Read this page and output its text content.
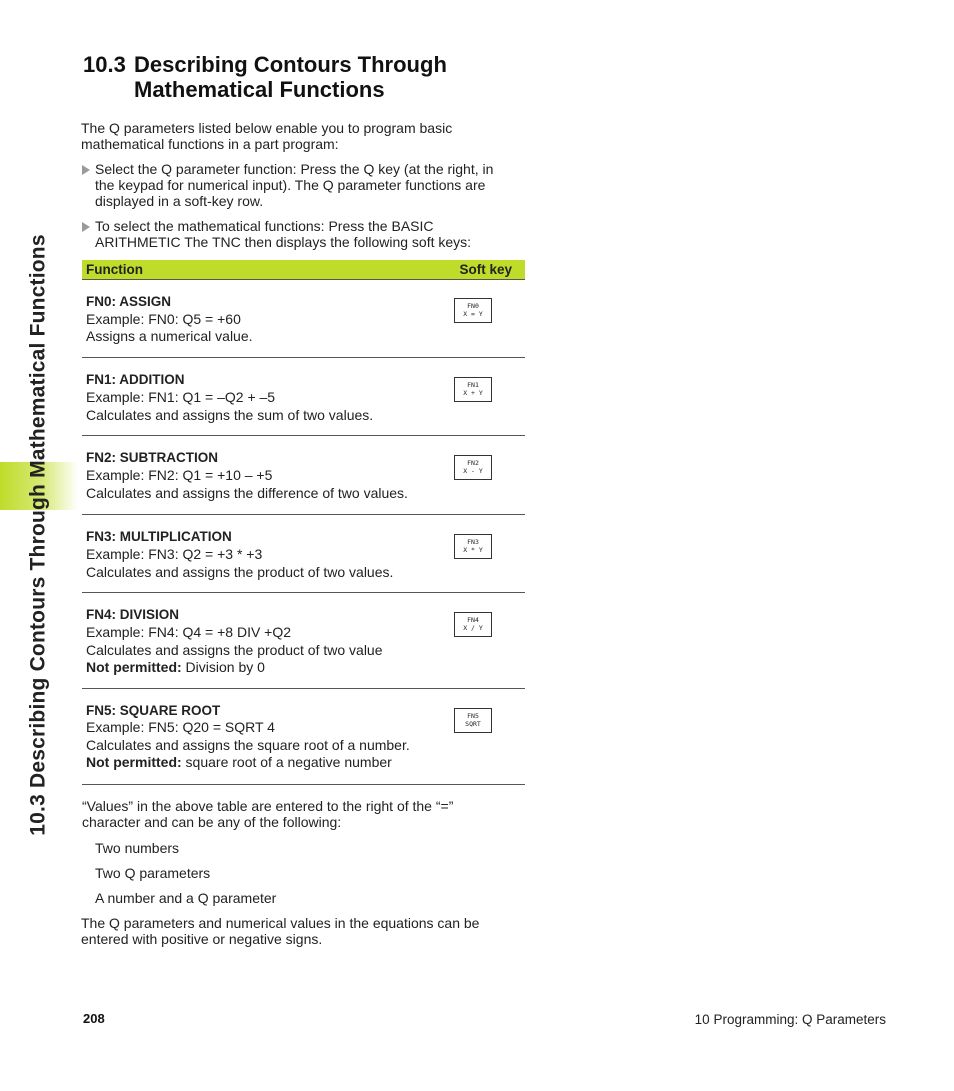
10.3 Describing Contours Through Mathematical Functions
10.3 Describing Contours Through
Mathematical Functions
The Q parameters listed below enable you to program basic
mathematical functions in a part program:
Select the Q parameter function: Press the Q key (at the right, in
the keypad for numerical input). The Q parameter functions are
displayed in a soft-key row.
To select the mathematical functions: Press the BASIC
ARITHMETIC The TNC then displays the following soft keys:
Function	Soft key
FN0: ASSIGN
Example: FN0: Q5 = +60
Assigns a numerical value.
FN0
X = Y
FN1: ADDITION
Example: FN1: Q1 = –Q2 + –5
Calculates and assigns the sum of two values.
FN1
X + Y
FN2: SUBTRACTION
Example: FN2: Q1 = +10 – +5
Calculates and assigns the difference of two values.
FN2
X - Y
FN3: MULTIPLICATION
Example: FN3: Q2 = +3 * +3
Calculates and assigns the product of two values.
FN3
X * Y
FN4: DIVISION
Example: FN4: Q4 = +8 DIV +Q2
Calculates and assigns the product of two value
Not permitted: Division by 0
FN4
X / Y
FN5: SQUARE ROOT
Example: FN5: Q20 = SQRT 4
Calculates and assigns the square root of a number.
Not permitted: square root of a negative number
FN5
SQRT
“Values” in the above table are entered to the right of the “=”
character and can be any of the following:
Two numbers
Two Q parameters
A number and a Q parameter
The Q parameters and numerical values in the equations can be
entered with positive or negative signs.
208	10 Programming: Q Parameters
